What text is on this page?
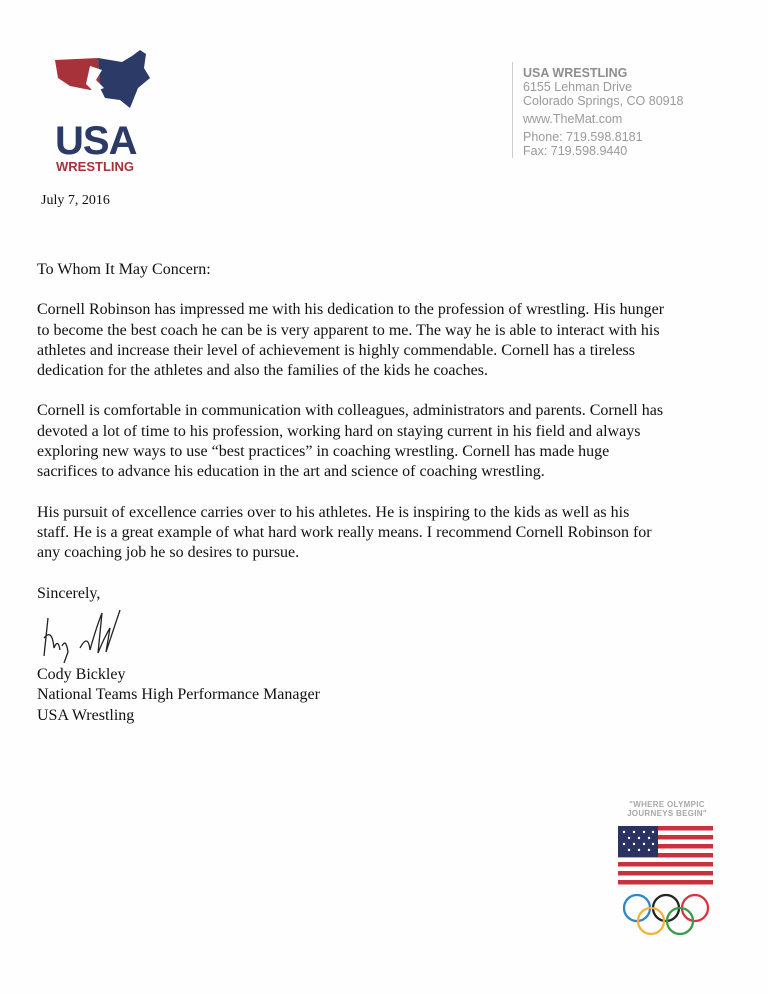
USA
WRESTLING
USA WRESTLING
6155 Lehman Drive
Colorado Springs, CO 80918
www.TheMat.com
Phone: 719.598.8181
Fax: 719.598.9440
July 7, 2016
To Whom It May Concern:
Cornell Robinson has impressed me with his dedication to the profession of wrestling. His hunger
to become the best coach he can be is very apparent to me. The way he is able to interact with his
athletes and increase their level of achievement is highly commendable. Cornell has a tireless
dedication for the athletes and also the families of the kids he coaches.
Cornell is comfortable in communication with colleagues, administrators and parents. Cornell has
devoted a lot of time to his profession, working hard on staying current in his field and always
exploring new ways to use “best practices” in coaching wrestling. Cornell has made huge
sacrifices to advance his education in the art and science of coaching wrestling.
His pursuit of excellence carries over to his athletes. He is inspiring to the kids as well as his
staff. He is a great example of what hard work really means. I recommend Cornell Robinson for
any coaching job he so desires to pursue.
Sincerely,
Cody Bickley
National Teams High Performance Manager
USA Wrestling
"WHERE OLYMPIC
JOURNEYS BEGIN"
